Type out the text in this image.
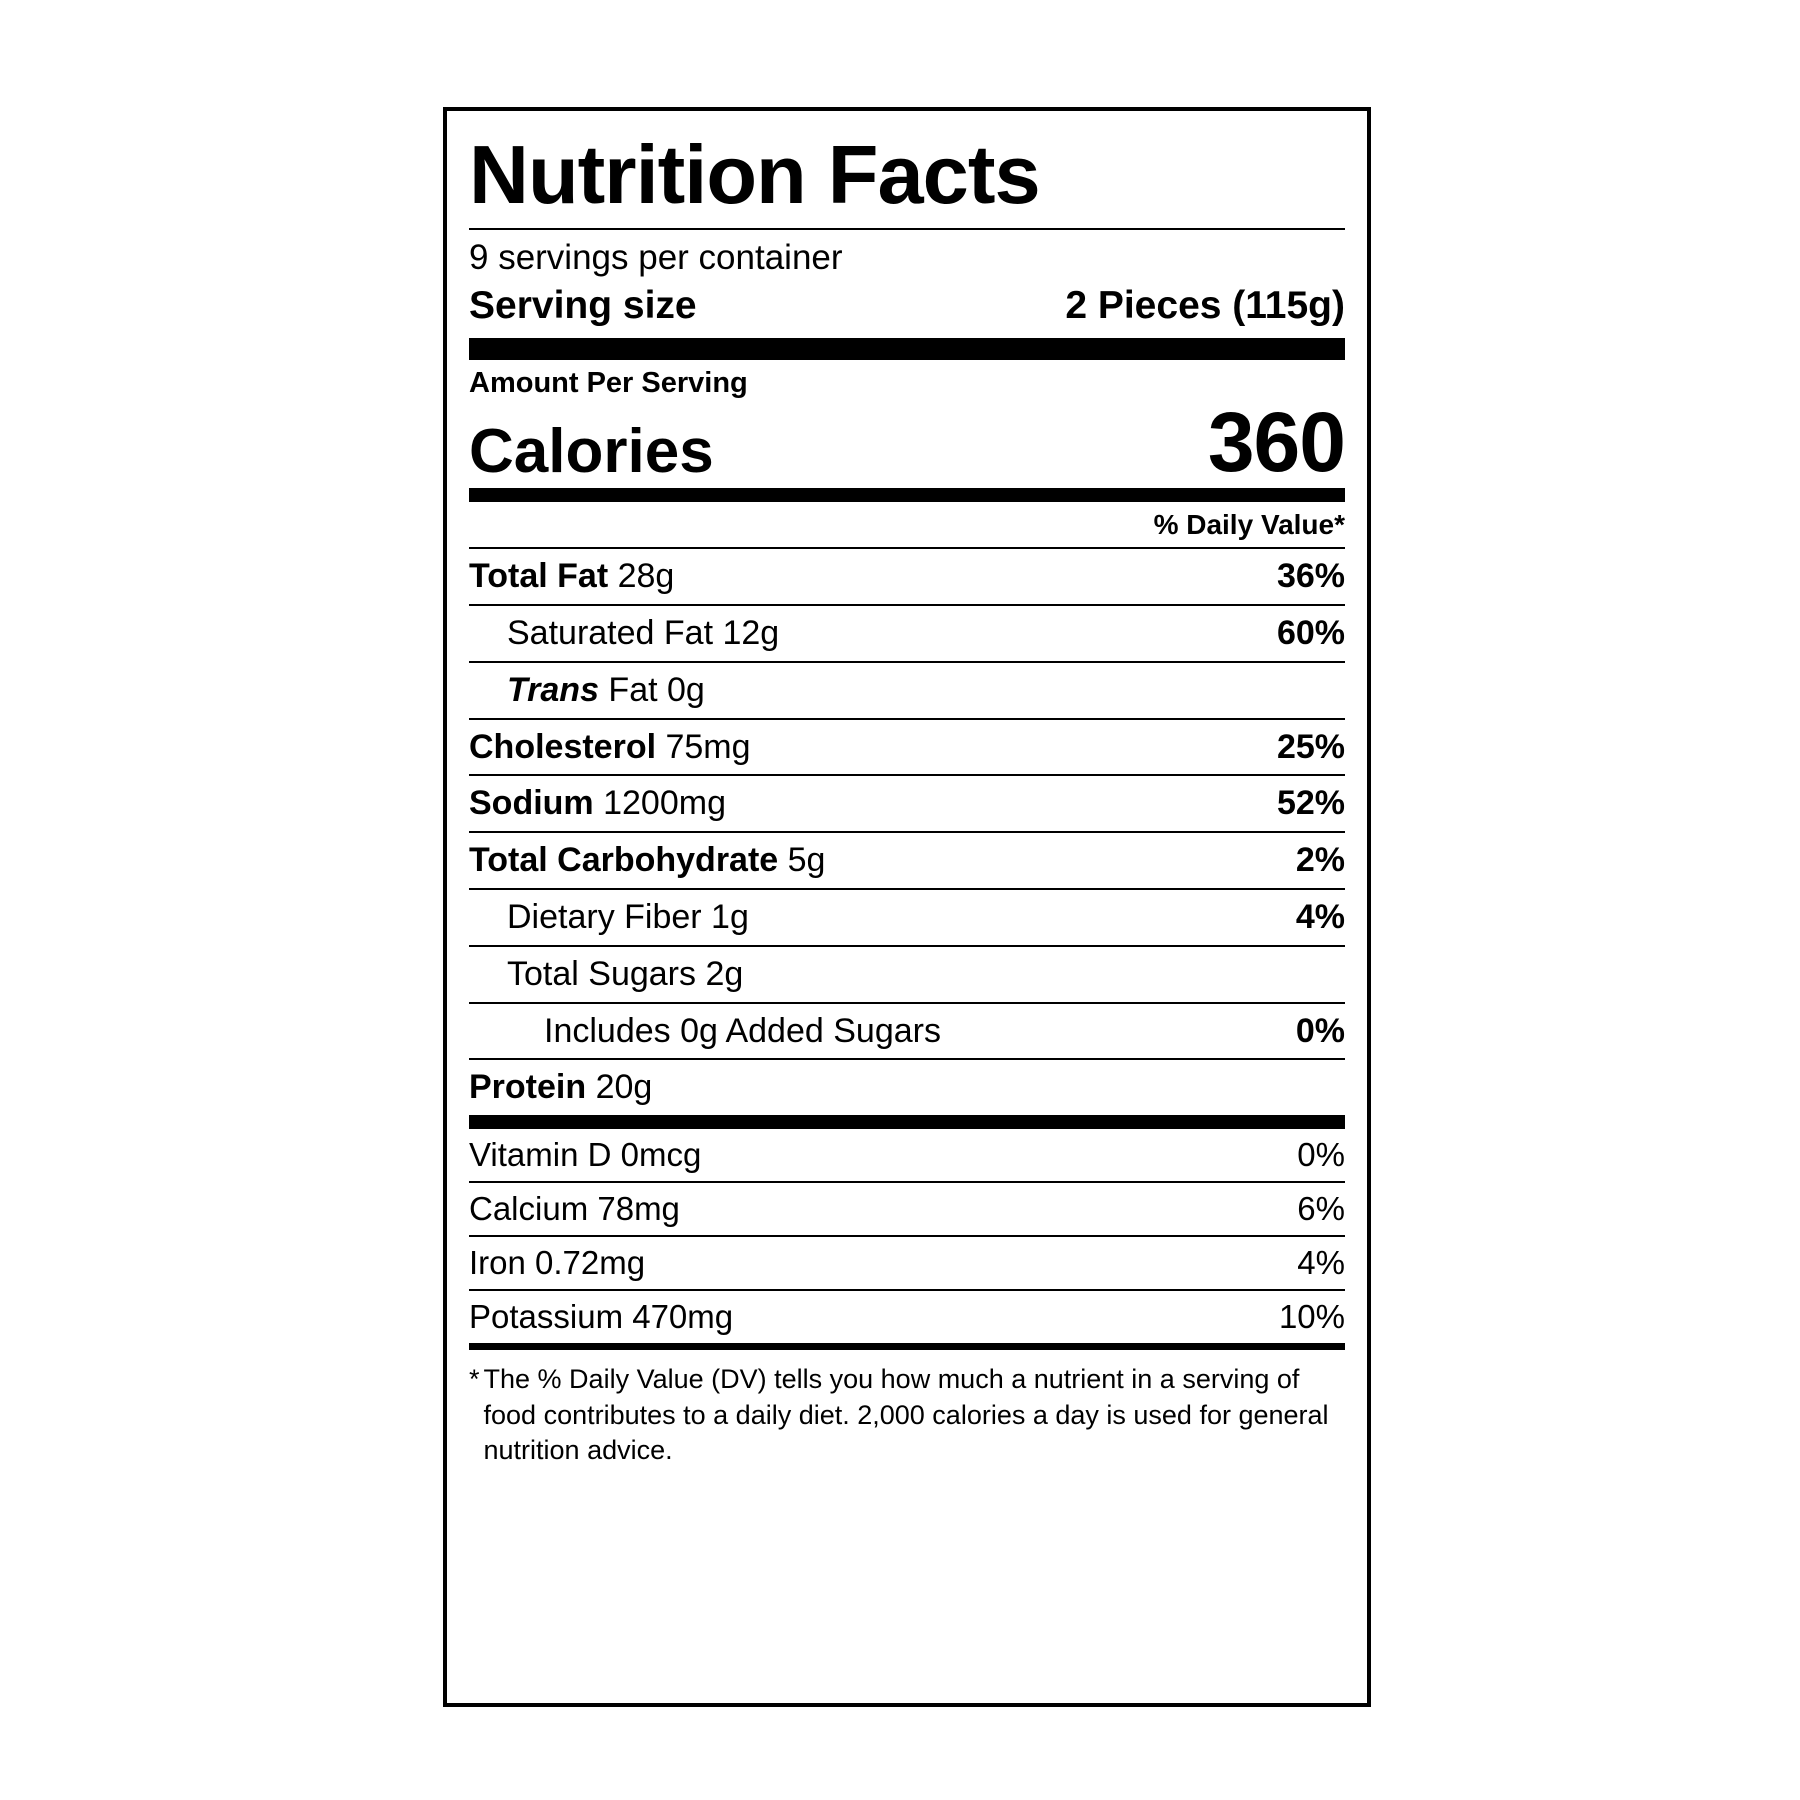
Nutrition Facts
9 servings per container
Serving size	2 Pieces (115g)
Amount Per Serving
Calories	360
% Daily Value*
Total Fat 28g	36%
Saturated Fat 12g	60%
Trans Fat 0g
Cholesterol 75mg	25%
Sodium 1200mg	52%
Total Carbohydrate 5g	2%
Dietary Fiber 1g	4%
Total Sugars 2g
Includes 0g Added Sugars	0%
Protein 20g
Vitamin D 0mcg	0%
Calcium 78mg	6%
Iron 0.72mg	4%
Potassium 470mg	10%
* The % Daily Value (DV) tells you how much a nutrient in a serving of food contributes to a daily diet. 2,000 calories a day is used for general nutrition advice.
